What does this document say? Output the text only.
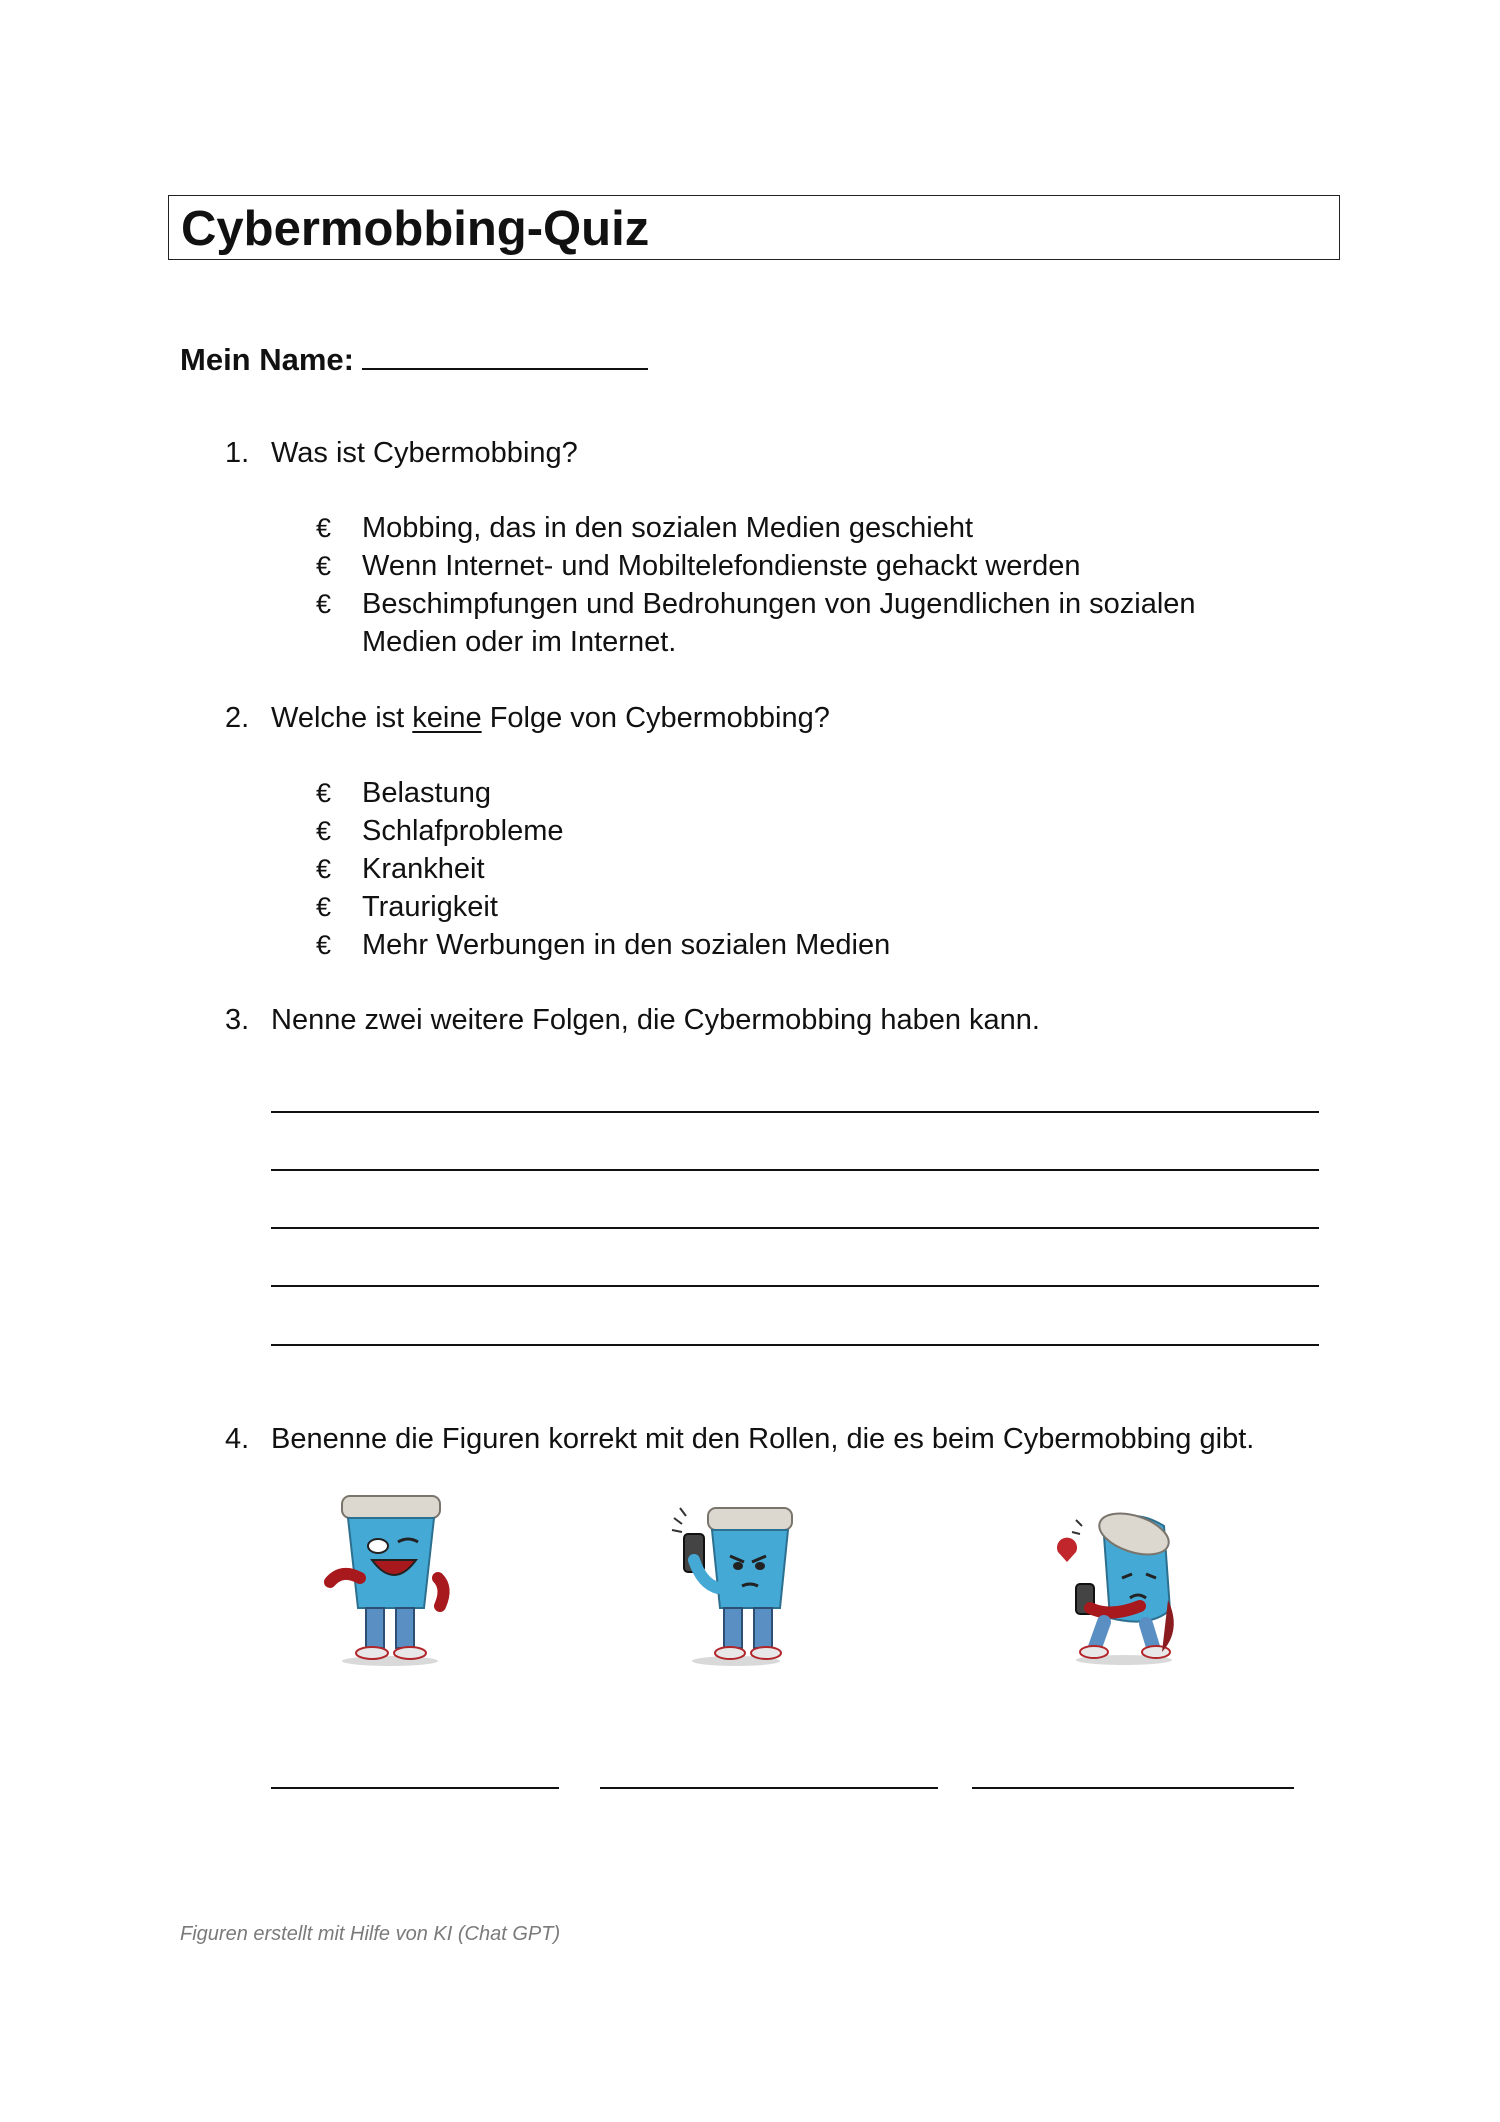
Cybermobbing-Quiz
Mein Name:
1. Was ist Cybermobbing?
€ Mobbing, das in den sozialen Medien geschieht
€ Wenn Internet- und Mobiltelefondienste gehackt werden
€ Beschimpfungen und Bedrohungen von Jugendlichen in sozialen Medien oder im Internet.
2. Welche ist keine Folge von Cybermobbing?
€ Belastung
€ Schlafprobleme
€ Krankheit
€ Traurigkeit
€ Mehr Werbungen in den sozialen Medien
3. Nenne zwei weitere Folgen, die Cybermobbing haben kann.
4. Benenne die Figuren korrekt mit den Rollen, die es beim Cybermobbing gibt.
Figuren erstellt mit Hilfe von KI (Chat GPT)
